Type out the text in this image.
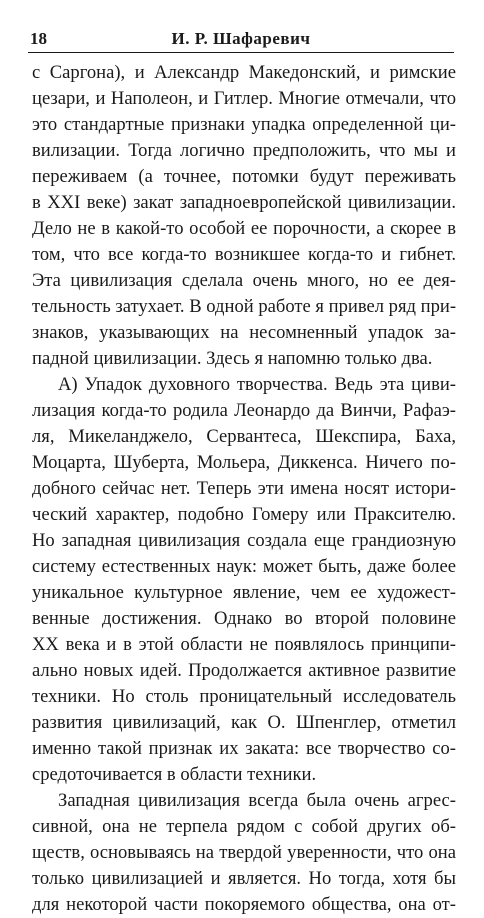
18	И. Р. Шафаревич
с Саргона), и Александр Македонский, и римские
цезари, и Наполеон, и Гитлер. Многие отмечали, что
это стандартные признаки упадка определенной ци-
вилизации. Тогда логично предположить, что мы и
переживаем (а точнее, потомки будут переживать
в XXI веке) закат западноевропейской цивилизации.
Дело не в какой-то особой ее порочности, а скорее в
том, что все когда-то возникшее когда-то и гибнет.
Эта цивилизация сделала очень много, но ее дея-
тельность затухает. В одной работе я привел ряд при-
знаков, указывающих на несомненный упадок за-
падной цивилизации. Здесь я напомню только два.
А) Упадок духовного творчества. Ведь эта циви-
лизация когда-то родила Леонардо да Винчи, Рафаэ-
ля, Микеланджело, Сервантеса, Шекспира, Баха,
Моцарта, Шуберта, Мольера, Диккенса. Ничего по-
добного сейчас нет. Теперь эти имена носят истори-
ческий характер, подобно Гомеру или Праксителю.
Но западная цивилизация создала еще грандиозную
систему естественных наук: может быть, даже более
уникальное культурное явление, чем ее художест-
венные достижения. Однако во второй половине
XX века и в этой области не появлялось принципи-
ально новых идей. Продолжается активное развитие
техники. Но столь проницательный исследователь
развития цивилизаций, как О. Шпенглер, отметил
именно такой признак их заката: все творчество со-
средоточивается в области техники.
Западная цивилизация всегда была очень агрес-
сивной, она не терпела рядом с собой других об-
ществ, основываясь на твердой уверенности, что она
только цивилизацией и является. Но тогда, хотя бы
для некоторой части покоряемого общества, она от-
